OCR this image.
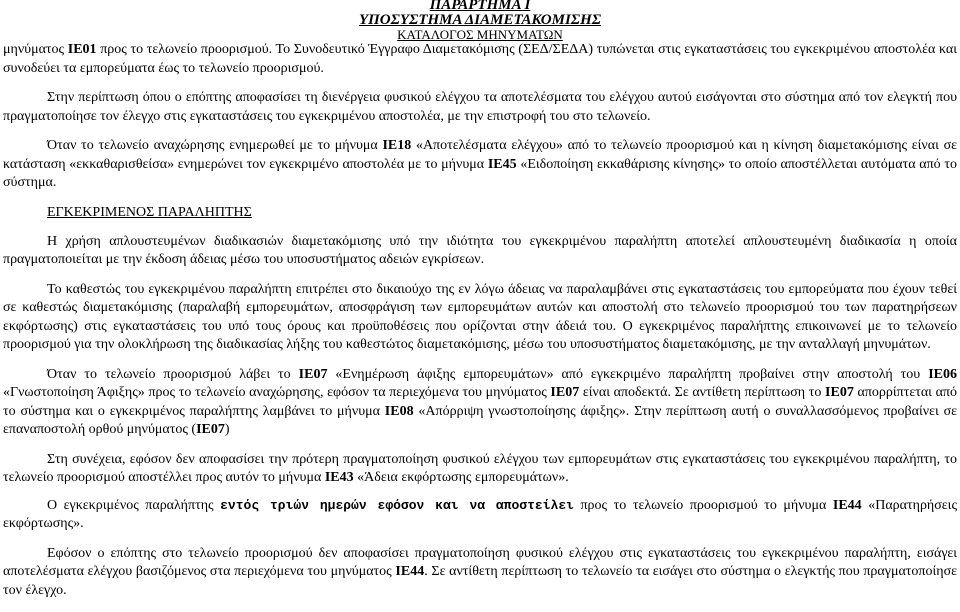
ΠΑΡΑΡΤΗΜΑ Ι
ΥΠΟΣΥΣΤΗΜΑ ΔΙΑΜΕΤΑΚΟΜΙΣΗΣ
ΚΑΤΑΛΟΓΟΣ ΜΗΝΥΜΑΤΩΝ

μηνύματος IE01 προς το τελωνείο προορισμού. Το Συνοδευτικό Έγγραφο Διαμετακόμισης (ΣΕΔ/ΣΕΔΑ) τυπώνεται στις εγκαταστάσεις του εγκεκριμένου αποστολέα και συνοδεύει τα εμπορεύματα έως το τελωνείο προορισμού.

Στην περίπτωση όπου ο επόπτης αποφασίσει τη διενέργεια φυσικού ελέγχου τα αποτελέσματα του ελέγχου αυτού εισάγονται στο σύστημα από τον ελεγκτή που πραγματοποίησε τον έλεγχο στις εγκαταστάσεις του εγκεκριμένου αποστολέα, με την επιστροφή του στο τελωνείο.

Όταν το τελωνείο αναχώρησης ενημερωθεί με το μήνυμα IE18 «Αποτελέσματα ελέγχου» από το τελωνείο προορισμού και η κίνηση διαμετακόμισης είναι σε κατάσταση «εκκαθαρισθείσα» ενημερώνει τον εγκεκριμένο αποστολέα με το μήνυμα IE45 «Ειδοποίηση εκκαθάρισης κίνησης» το οποίο αποστέλλεται αυτόματα από το σύστημα.

ΕΓΚΕΚΡΙΜΕΝΟΣ ΠΑΡΑΛΗΠΤΗΣ

Η χρήση απλουστευμένων διαδικασιών διαμετακόμισης υπό την ιδιότητα του εγκεκριμένου παραλήπτη αποτελεί απλουστευμένη διαδικασία η οποία πραγματοποιείται με την έκδοση άδειας μέσω του υποσυστήματος αδειών εγκρίσεων.

Το καθεστώς του εγκεκριμένου παραλήπτη επιτρέπει στο δικαιούχο της εν λόγω άδειας να παραλαμβάνει στις εγκαταστάσεις του εμπορεύματα που έχουν τεθεί σε καθεστώς διαμετακόμισης (παραλαβή εμπορευμάτων, αποσφράγιση των εμπορευμάτων αυτών και αποστολή στο τελωνείο προορισμού του των παρατηρήσεων εκφόρτωσης) στις εγκαταστάσεις του υπό τους όρους και προϋποθέσεις που ορίζονται στην άδειά του. Ο εγκεκριμένος παραλήπτης επικοινωνεί με το τελωνείο προορισμού για την ολοκλήρωση της διαδικασίας λήξης του καθεστώτος διαμετακόμισης, μέσω του υποσυστήματος διαμετακόμισης, με την ανταλλαγή μηνυμάτων.

Όταν το τελωνείο προορισμού λάβει το IE07 «Ενημέρωση άφιξης εμπορευμάτων» από εγκεκριμένο παραλήπτη προβαίνει στην αποστολή του IE06 «Γνωστοποίηση Άφιξης» προς το τελωνείο αναχώρησης, εφόσον τα περιεχόμενα του μηνύματος IE07 είναι αποδεκτά. Σε αντίθετη περίπτωση το IE07 απορρίπτεται από το σύστημα και ο εγκεκριμένος παραλήπτης λαμβάνει το μήνυμα IE08 «Απόρριψη γνωστοποίησης άφιξης». Στην περίπτωση αυτή ο συναλλασσόμενος προβαίνει σε επαναποστολή ορθού μηνύματος (IE07)

Στη συνέχεια, εφόσον δεν αποφασίσει την πρότερη πραγματοποίηση φυσικού ελέγχου των εμπορευμάτων στις εγκαταστάσεις του εγκεκριμένου παραλήπτη, το τελωνείο προορισμού αποστέλλει προς αυτόν το μήνυμα IE43 «Άδεια εκφόρτωσης εμπορευμάτων».

Ο εγκεκριμένος παραλήπτης εντός τριών ημερών εφόσον και να αποστείλει προς το τελωνείο προορισμού το μήνυμα IE44 «Παρατηρήσεις εκφόρτωσης».

Εφόσον ο επόπτης στο τελωνείο προορισμού δεν αποφασίσει πραγματοποίηση φυσικού ελέγχου στις εγκαταστάσεις του εγκεκριμένου παραλήπτη, εισάγει αποτελέσματα ελέγχου βασιζόμενος στα περιεχόμενα του μηνύματος IE44. Σε αντίθετη περίπτωση το τελωνείο τα εισάγει στο σύστημα ο ελεγκτής που πραγματοποίησε τον έλεγχο.
